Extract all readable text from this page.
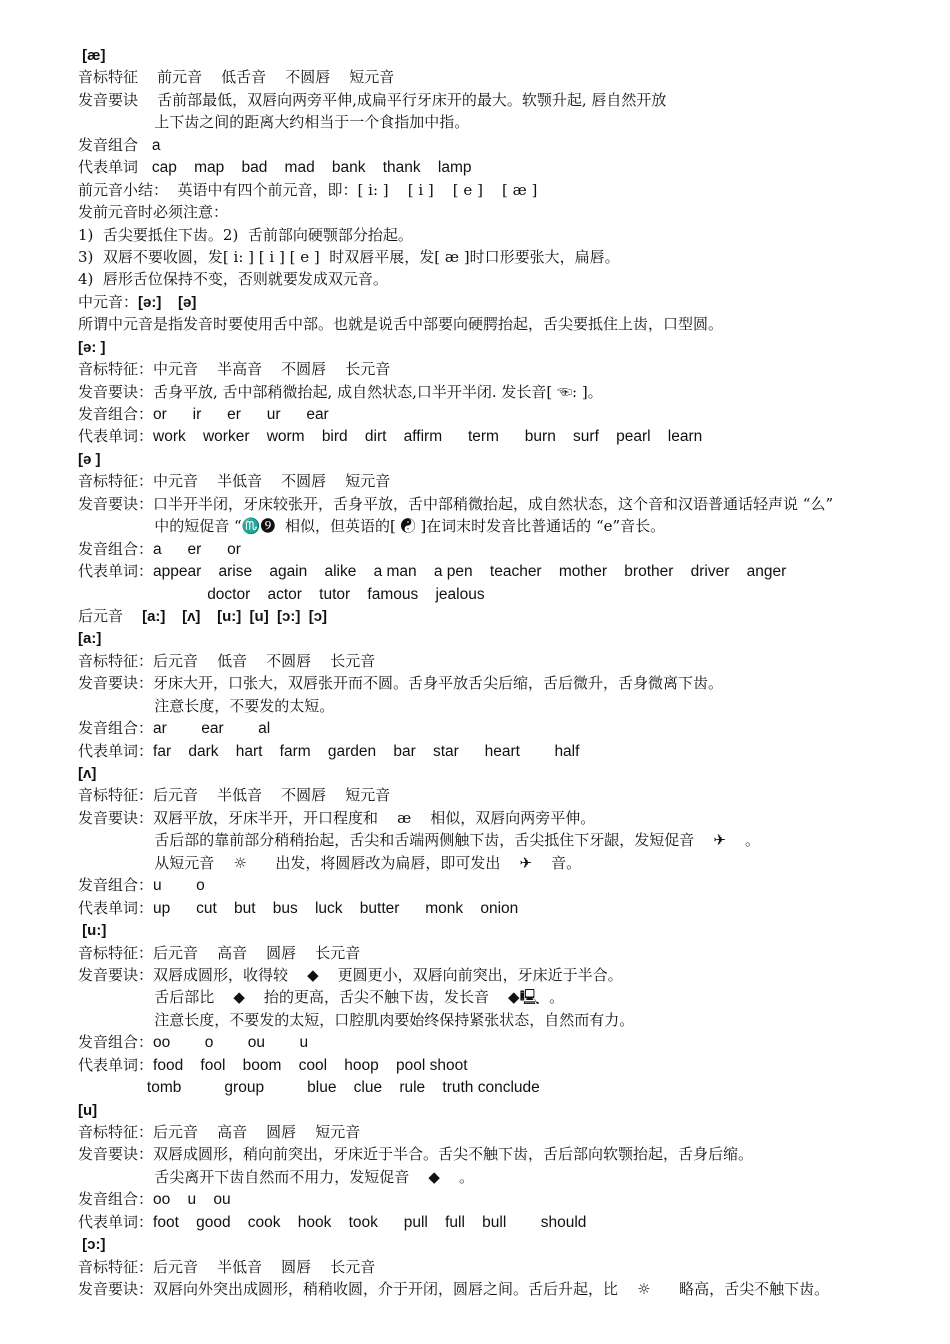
[æ]
音标特征    前元音    低舌音    不圆唇    短元音
发音要诀    舌前部最低，双唇向两旁平伸,成扁平行牙床开的最大。软颚升起, 唇自然开放
上下齿之间的距离大约相当于一个食指加中指。
发音组合   a
代表单词   cap    map    bad    mad    bank    thank    lamp
前元音小结：  英语中有四个前元音，即：[ i: ]    [ i ]    [ e ]    [ æ ]
发前元音时必须注意：
1)  舌尖要抵住下齿。2)  舌前部向硬颚部分抬起。
3)  双唇不要收圆，发[ i: ] [ i ] [ e ]  时双唇平展，发[ æ ]时口形要张大，扁唇。
4)  唇形舌位保持不变，否则就要发成双元音。
中元音：[ə:]    [ə]
所谓中元音是指发音时要使用舌中部。也就是说舌中部要向硬腭抬起，舌尖要抵住上齿，口型圆。
[ə: ]
音标特征：中元音    半高音    不圆唇    长元音
发音要诀：舌身平放, 舌中部稍微抬起, 成自然状态,口半开半闭. 发长音[ ☜: ]。
发音组合：or      ir      er      ur      ear
代表单词：work    worker    worm    bird    dirt    affirm      term      burn    surf    pearl    learn
[ə ]
音标特征：中元音    半低音    不圆唇    短元音
发音要诀：口半开半闭，牙床较张开，舌身平放，舌中部稍微抬起，成自然状态，这个音和汉语普通话轻声说 “么”
中的短促音 “♏❾  相似，但英语的[ ☯ ]在词末时发音比普通话的 “e”音长。
发音组合：a      er      or
代表单词：appear    arise    again    alike    a man    a pen    teacher    mother    brother    driver    anger
doctor    actor    tutor    famous    jealous
后元音    [a:]    [ʌ]    [u:]  [u]  [ɔ:]  [ɔ]
[a:]
音标特征：后元音    低音    不圆唇    长元音
发音要诀：牙床大开，口张大，双唇张开而不圆。舌身平放舌尖后缩，舌后微升，舌身微离下齿。
注意长度，不要发的太短。
发音组合：ar        ear        al
代表单词：far    dark    hart    farm    garden    bar    star      heart        half
[ʌ]
音标特征：后元音    半低音    不圆唇    短元音
发音要诀：双唇平放，牙床半开，开口程度和    æ    相似，双唇向两旁平伸。
舌后部的靠前部分稍稍抬起，舌尖和舌端两侧触下齿，舌尖抵住下牙龈，发短促音    ✈    。
从短元音    ☼      出发，将圆唇改为扁唇，即可发出    ✈    音。
发音组合：u        o
代表单词：up      cut    but    bus    luck    butter      monk    onion
[u:]
音标特征：后元音    高音    圆唇    长元音
发音要诀：双唇成圆形，收得较    ◆    更圆更小，双唇向前突出，牙床近于半合。
舌后部比    ◆    抬的更高，舌尖不触下齿，发长音    ◆🖳  。
注意长度，不要发的太短，口腔肌肉要始终保持紧张状态，自然而有力。
发音组合：oo        o        ou        u
代表单词：food    fool    boom    cool    hoop    pool shoot
tomb          group          blue    clue    rule    truth conclude
[u]
音标特征：后元音    高音    圆唇    短元音
发音要诀：双唇成圆形，稍向前突出，牙床近于半合。舌尖不触下齿，舌后部向软颚抬起，舌身后缩。
舌尖离开下齿自然而不用力，发短促音    ◆    。
发音组合：oo    u    ou
代表单词：foot    good    cook    hook    took      pull    full    bull        should
[ɔ:]
音标特征：后元音    半低音    圆唇    长元音
发音要诀：双唇向外突出成圆形，稍稍收圆，介于开闭，圆唇之间。舌后升起，比    ☼      略高，舌尖不触下齿。
